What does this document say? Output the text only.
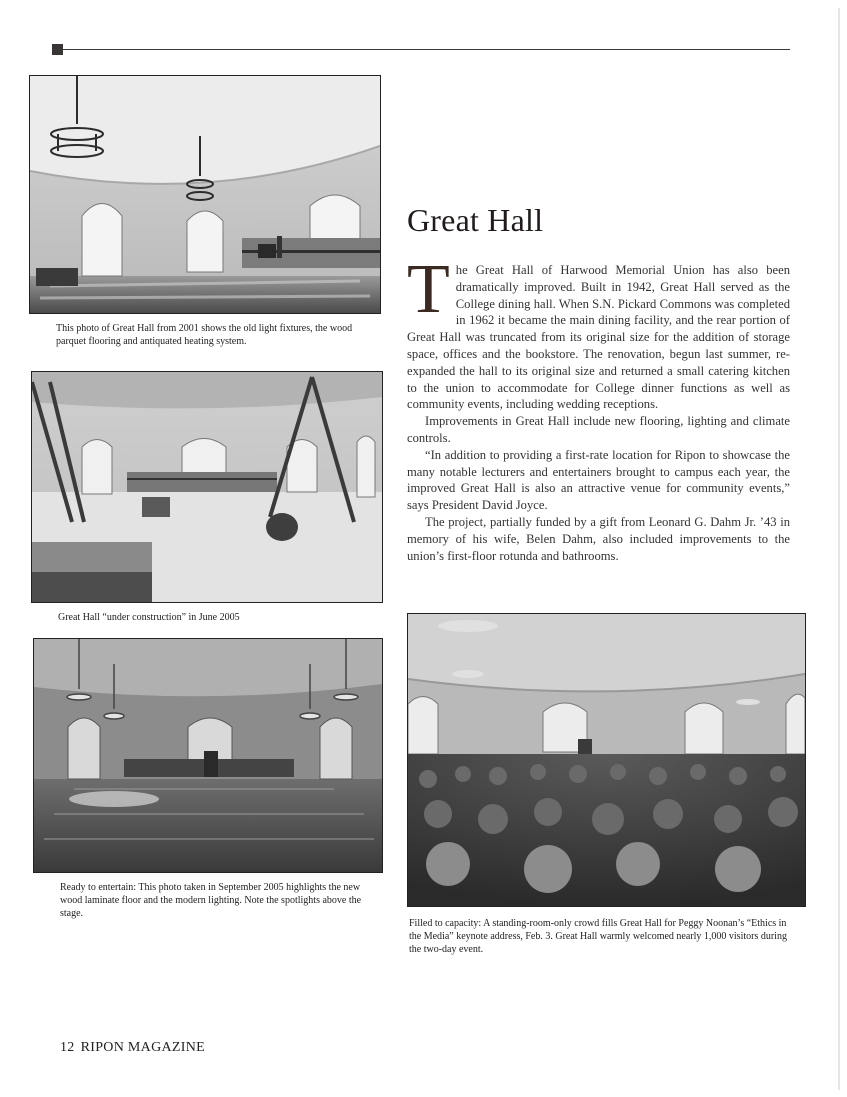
This photo of Great Hall from 2001 shows the old light fixtures, the wood parquet flooring and antiquated heating system.
Great Hall “under construction” in June 2005
Ready to entertain: This photo taken in September 2005 highlights the new wood laminate floor and the modern lighting. Note the spotlights above the stage.
Great Hall

The Great Hall of Harwood Memorial Union has also been dramatically improved. Built in 1942, Great Hall served as the College dining hall. When S.N. Pickard Commons was completed in 1962 it became the main dining facility, and the rear portion of Great Hall was truncated from its original size for the addition of storage space, offices and the bookstore. The renovation, begun last summer, re-expanded the hall to its original size and returned a small catering kitchen to the union to accommodate for College dinner functions as well as community events, including wedding receptions.

Improvements in Great Hall include new flooring, lighting and climate controls.

“In addition to providing a first-rate location for Ripon to showcase the many notable lecturers and entertainers brought to campus each year, the improved Great Hall is also an attractive venue for community events,” says President David Joyce.

The project, partially funded by a gift from Leonard G. Dahm Jr. ’43 in memory of his wife, Belen Dahm, also included improvements to the union’s first-floor rotunda and bathrooms.

Filled to capacity: A standing-room-only crowd fills Great Hall for Peggy Noonan’s “Ethics in the Media” keynote address, Feb. 3. Great Hall warmly welcomed nearly 1,000 visitors during the two-day event.
12 RIPON MAGAZINE
